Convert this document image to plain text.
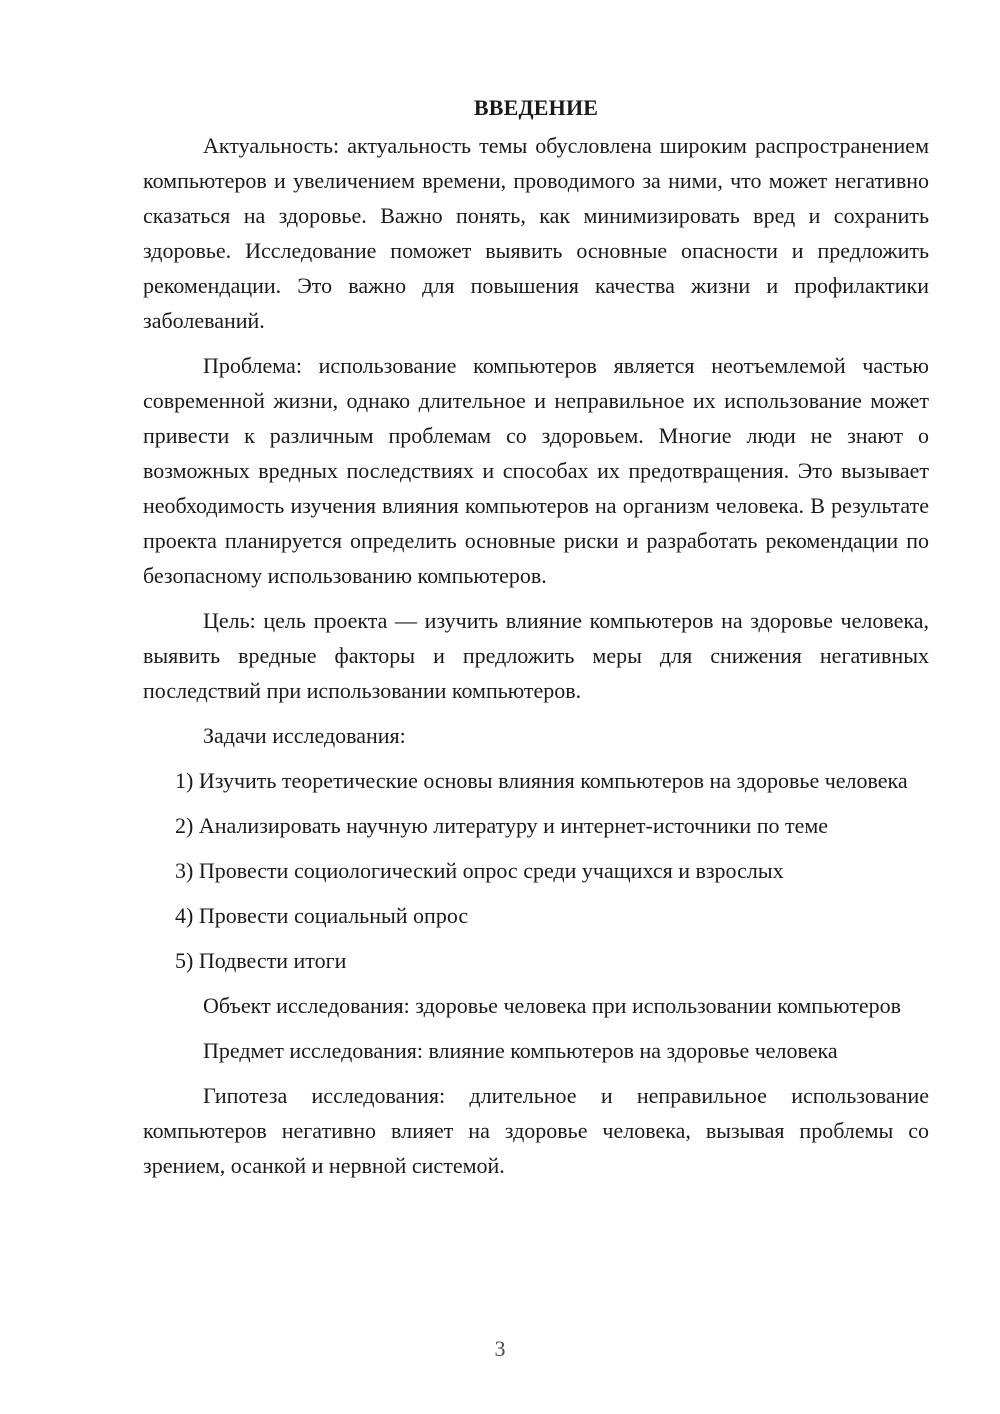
ВВЕДЕНИЕ

Актуальность: актуальность темы обусловлена широким распространением компьютеров и увеличением времени, проводимого за ними, что может негативно сказаться на здоровье. Важно понять, как минимизировать вред и сохранить здоровье. Исследование поможет выявить основные опасности и предложить рекомендации. Это важно для повышения качества жизни и профилактики заболеваний.

Проблема: использование компьютеров является неотъемлемой частью современной жизни, однако длительное и неправильное их использование может привести к различным проблемам со здоровьем. Многие люди не знают о возможных вредных последствиях и способах их предотвращения. Это вызывает необходимость изучения влияния компьютеров на организм человека. В результате проекта планируется определить основные риски и разработать рекомендации по безопасному использованию компьютеров.

Цель: цель проекта — изучить влияние компьютеров на здоровье человека, выявить вредные факторы и предложить меры для снижения негативных последствий при использовании компьютеров.

Задачи исследования:

1) Изучить теоретические основы влияния компьютеров на здоровье человека

2) Анализировать научную литературу и интернет-источники по теме

3) Провести социологический опрос среди учащихся и взрослых

4) Провести социальный опрос

5) Подвести итоги

Объект исследования: здоровье человека при использовании компьютеров

Предмет исследования: влияние компьютеров на здоровье человека

Гипотеза исследования: длительное и неправильное использование компьютеров негативно влияет на здоровье человека, вызывая проблемы со зрением, осанкой и нервной системой.

3
